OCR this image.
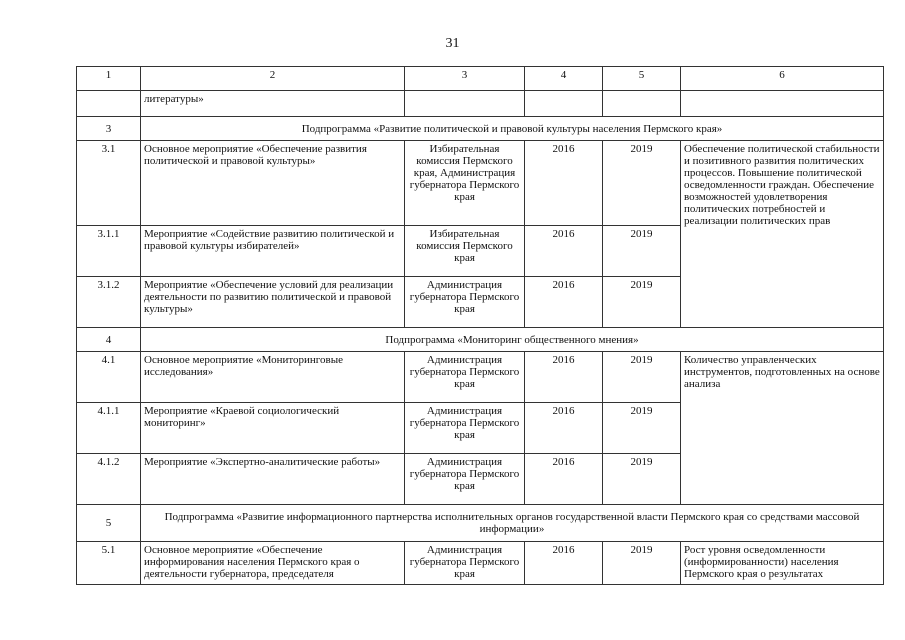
31
1	2	3	4	5	6
	литературы»				
3	Подпрограмма «Развитие политической и правовой культуры населения Пермского края»				
3.1	Основное мероприятие «Обеспечение развития политической и правовой культуры»	Избирательная комиссия Пермского края, Администрация губернатора Пермского края	2016	2019	Обеспечение политической стабильности и позитивного развития политических процессов. Повышение политической осведомленности граждан. Обеспечение возможностей удовлетворения политических потребностей и реализации политических прав
3.1.1	Мероприятие «Содействие развитию политической и правовой культуры избирателей»	Избирательная комиссия Пермского края	2016	2019	
3.1.2	Мероприятие «Обеспечение условий для реализации деятельности по развитию политической и правовой культуры»	Администрация губернатора Пермского края	2016	2019	
4	Подпрограмма «Мониторинг общественного мнения»				
4.1	Основное мероприятие «Мониторинговые исследования»	Администрация губернатора Пермского края	2016	2019	Количество управленческих инструментов, подготовленных на основе анализа
4.1.1	Мероприятие «Краевой социологический мониторинг»	Администрация губернатора Пермского края	2016	2019	
4.1.2	Мероприятие «Экспертно-аналитические работы»	Администрация губернатора Пермского края	2016	2019	
5	Подпрограмма «Развитие информационного партнерства исполнительных органов государственной власти Пермского края со средствами массовой информации»				
5.1	Основное мероприятие «Обеспечение информирования населения Пермского края о деятельности губернатора, председателя	Администрация губернатора Пермского края	2016	2019	Рост уровня осведомленности (информированности) населения Пермского края о результатах
